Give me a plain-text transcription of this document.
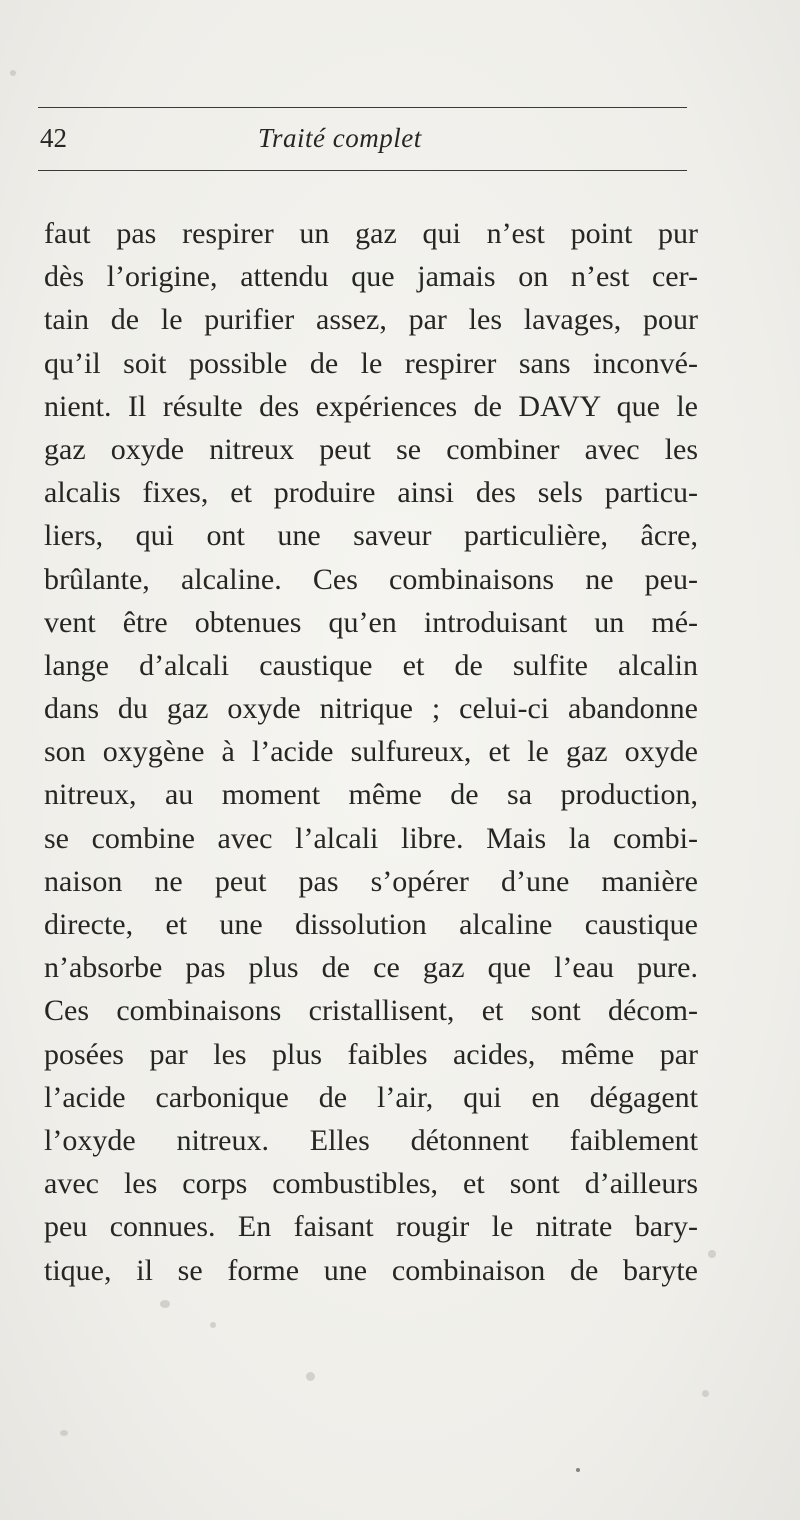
42	Traité complet
faut pas respirer un gaz qui n’est point pur
dès l’origine, attendu que jamais on n’est cer-
tain de le purifier assez, par les lavages, pour
qu’il soit possible de le respirer sans inconvé-
nient. Il résulte des expériences de DAVY que le
gaz oxyde nitreux peut se combiner avec les
alcalis fixes, et produire ainsi des sels particu-
liers, qui ont une saveur particulière, âcre,
brûlante, alcaline. Ces combinaisons ne peu-
vent être obtenues qu’en introduisant un mé-
lange d’alcali caustique et de sulfite alcalin
dans du gaz oxyde nitrique ; celui-ci abandonne
son oxygène à l’acide sulfureux, et le gaz oxyde
nitreux, au moment même de sa production,
se combine avec l’alcali libre. Mais la combi-
naison ne peut pas s’opérer d’une manière
directe, et une dissolution alcaline caustique
n’absorbe pas plus de ce gaz que l’eau pure.
Ces combinaisons cristallisent, et sont décom-
posées par les plus faibles acides, même par
l’acide carbonique de l’air, qui en dégagent
l’oxyde nitreux. Elles détonnent faiblement
avec les corps combustibles, et sont d’ailleurs
peu connues. En faisant rougir le nitrate bary-
tique, il se forme une combinaison de baryte
